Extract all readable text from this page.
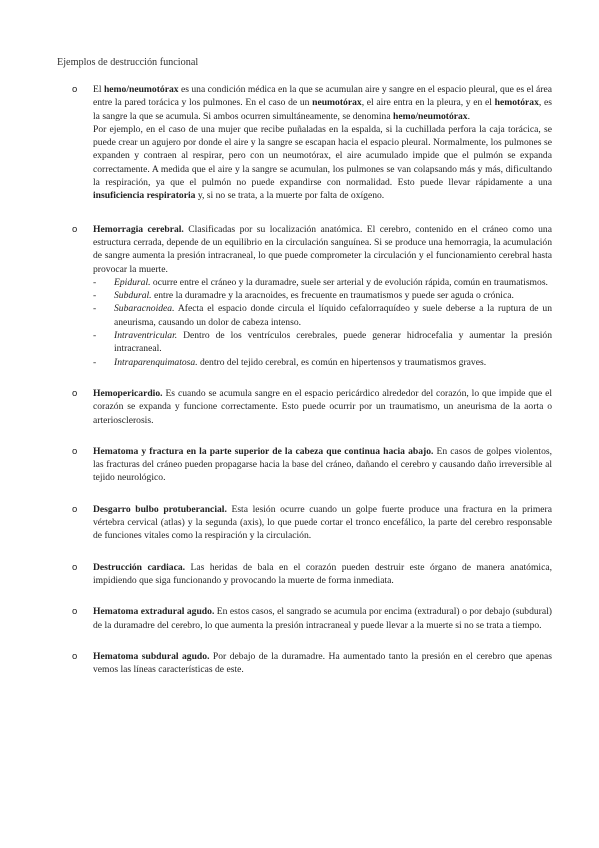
Ejemplos de destrucción funcional
o El hemo/neumotórax es una condición médica en la que se acumulan aire y sangre en el espacio pleural, que es el área entre la pared torácica y los pulmones. En el caso de un neumotórax, el aire entra en la pleura, y en el hemotórax, es la sangre la que se acumula. Si ambos ocurren simultáneamente, se denomina hemo/neumotórax.
Por ejemplo, en el caso de una mujer que recibe puñaladas en la espalda, si la cuchillada perfora la caja torácica, se puede crear un agujero por donde el aire y la sangre se escapan hacia el espacio pleural. Normalmente, los pulmones se expanden y contraen al respirar, pero con un neumotórax, el aire acumulado impide que el pulmón se expanda correctamente. A medida que el aire y la sangre se acumulan, los pulmones se van colapsando más y más, dificultando la respiración, ya que el pulmón no puede expandirse con normalidad. Esto puede llevar rápidamente a una insuficiencia respiratoria y, si no se trata, a la muerte por falta de oxígeno.
o Hemorragia cerebral. Clasificadas por su localización anatómica. El cerebro, contenido en el cráneo como una estructura cerrada, depende de un equilibrio en la circulación sanguínea. Si se produce una hemorragia, la acumulación de sangre aumenta la presión intracraneal, lo que puede comprometer la circulación y el funcionamiento cerebral hasta provocar la muerte.
- Epidural. ocurre entre el cráneo y la duramadre, suele ser arterial y de evolución rápida, común en traumatismos.
- Subdural. entre la duramadre y la aracnoides, es frecuente en traumatismos y puede ser aguda o crónica.
- Subaracnoidea. Afecta el espacio donde circula el líquido cefalorraquídeo y suele deberse a la ruptura de un aneurisma, causando un dolor de cabeza intenso.
- Intraventricular. Dentro de los ventrículos cerebrales, puede generar hidrocefalia y aumentar la presión intracraneal.
- Intraparenquimatosa. dentro del tejido cerebral, es común en hipertensos y traumatismos graves.
o Hemopericardio. Es cuando se acumula sangre en el espacio pericárdico alrededor del corazón, lo que impide que el corazón se expanda y funcione correctamente. Esto puede ocurrir por un traumatismo, un aneurisma de la aorta o arteriosclerosis.
o Hematoma y fractura en la parte superior de la cabeza que continua hacia abajo. En casos de golpes violentos, las fracturas del cráneo pueden propagarse hacia la base del cráneo, dañando el cerebro y causando daño irreversible al tejido neurológico.
o Desgarro bulbo protuberancial. Esta lesión ocurre cuando un golpe fuerte produce una fractura en la primera vértebra cervical (atlas) y la segunda (axis), lo que puede cortar el tronco encefálico, la parte del cerebro responsable de funciones vitales como la respiración y la circulación.
o Destrucción cardiaca. Las heridas de bala en el corazón pueden destruir este órgano de manera anatómica, impidiendo que siga funcionando y provocando la muerte de forma inmediata.
o Hematoma extradural agudo. En estos casos, el sangrado se acumula por encima (extradural) o por debajo (subdural) de la duramadre del cerebro, lo que aumenta la presión intracraneal y puede llevar a la muerte si no se trata a tiempo.
o Hematoma subdural agudo. Por debajo de la duramadre. Ha aumentado tanto la presión en el cerebro que apenas vemos las líneas características de este.
